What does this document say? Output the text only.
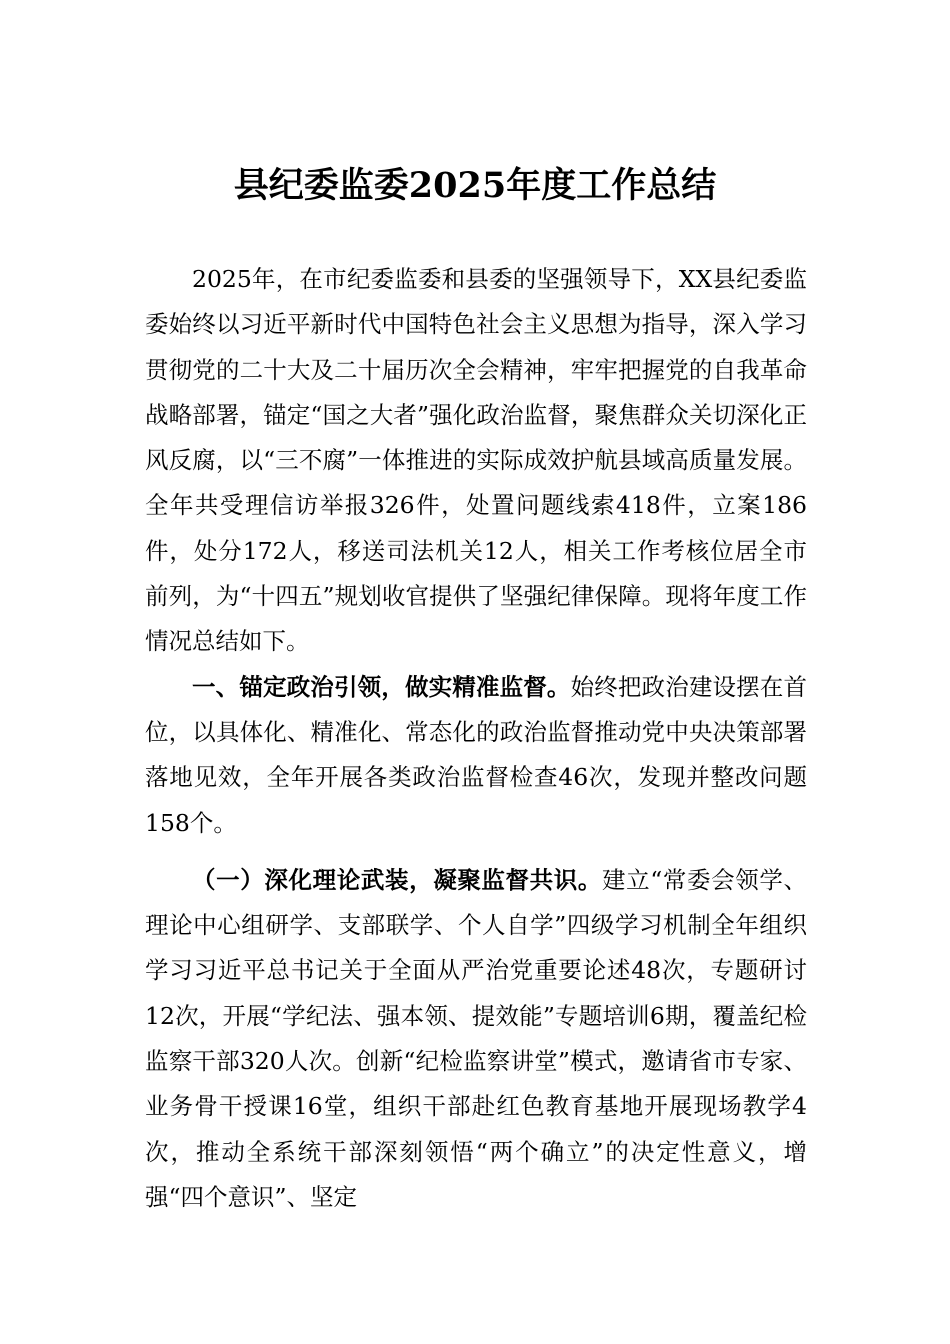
县纪委监委2025年度工作总结

2025年，在市纪委监委和县委的坚强领导下，XX县纪委监委始终以习近平新时代中国特色社会主义思想为指导，深入学习贯彻党的二十大及二十届历次全会精神，牢牢把握党的自我革命战略部署，锚定“国之大者”强化政治监督，聚焦群众关切深化正风反腐，以“三不腐”一体推进的实际成效护航县域高质量发展。全年共受理信访举报326件，处置问题线索418件，立案186件，处分172人，移送司法机关12人，相关工作考核位居全市前列，为“十四五”规划收官提供了坚强纪律保障。现将年度工作情况总结如下。

一、锚定政治引领，做实精准监督。始终把政治建设摆在首位，以具体化、精准化、常态化的政治监督推动党中央决策部署落地见效，全年开展各类政治监督检查46次，发现并整改问题158个。

（一）深化理论武装，凝聚监督共识。建立“常委会领学、理论中心组研学、支部联学、个人自学”四级学习机制全年组织学习习近平总书记关于全面从严治党重要论述48次，专题研讨12次，开展“学纪法、强本领、提效能”专题培训6期，覆盖纪检监察干部320人次。创新“纪检监察讲堂”模式，邀请省市专家、业务骨干授课16堂，组织干部赴红色教育基地开展现场教学4次，推动全系统干部深刻领悟“两个确立”的决定性意义，增强“四个意识”、坚定
